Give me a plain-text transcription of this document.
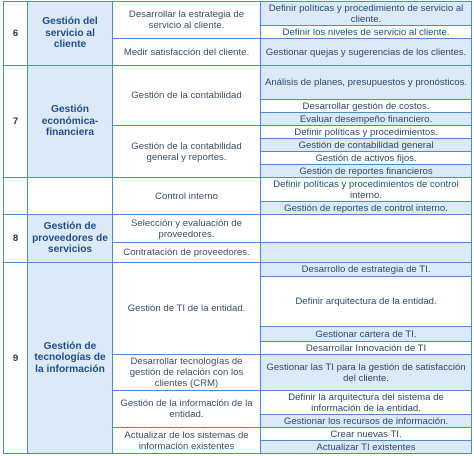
6	Gestión del servicio al cliente	Desarrollar la estrategia de servicio al cliente.	Definir políticas y procedimiento de servicio al cliente.
			Definir los niveles de servicio al cliente.
		Medir satisfacción del cliente.	Gestionar quejas y sugerencias de los clientes.
7	Gestión económica-financiera	Gestión de la contabilidad	Análisis de planes, presupuestos y pronósticos.
			Desarrollar gestión de costos.
			Evaluar desempeño financiero.
		Gestión de la contabilidad general y reportes.	Definir políticas y procedimientos.
			Gestión de contabilidad general
			Gestión de activos fijos.
			Gestión de reportes financieros
		Control interno	Definir políticas y procedimientos de control interno.
			Gestión de reportes de control interno.
8	Gestión de proveedores de servicios	Selección y evaluación de proveedores.	
		Contratación de proveedores.	
9	Gestión de tecnologías de la información	Gestión de TI de la entidad.	Desarrollo de estrategia de TI.
			Definir arquitectura de la entidad.
			Gestionar cartera de TI.
			Desarrollar Innovación de TI
		Desarrollar tecnologías de gestión de relación con los clientes (CRM)	Gestionar las TI para la gestión de satisfacción del cliente.
		Gestión de la información de la entidad.	Definir la arquitectura del sistema de información de la entidad.
			Gestionar los recursos de información.
		Actualizar de los sistemas de información existentes	Crear nuevas TI.
			Actualizar TI existentes
